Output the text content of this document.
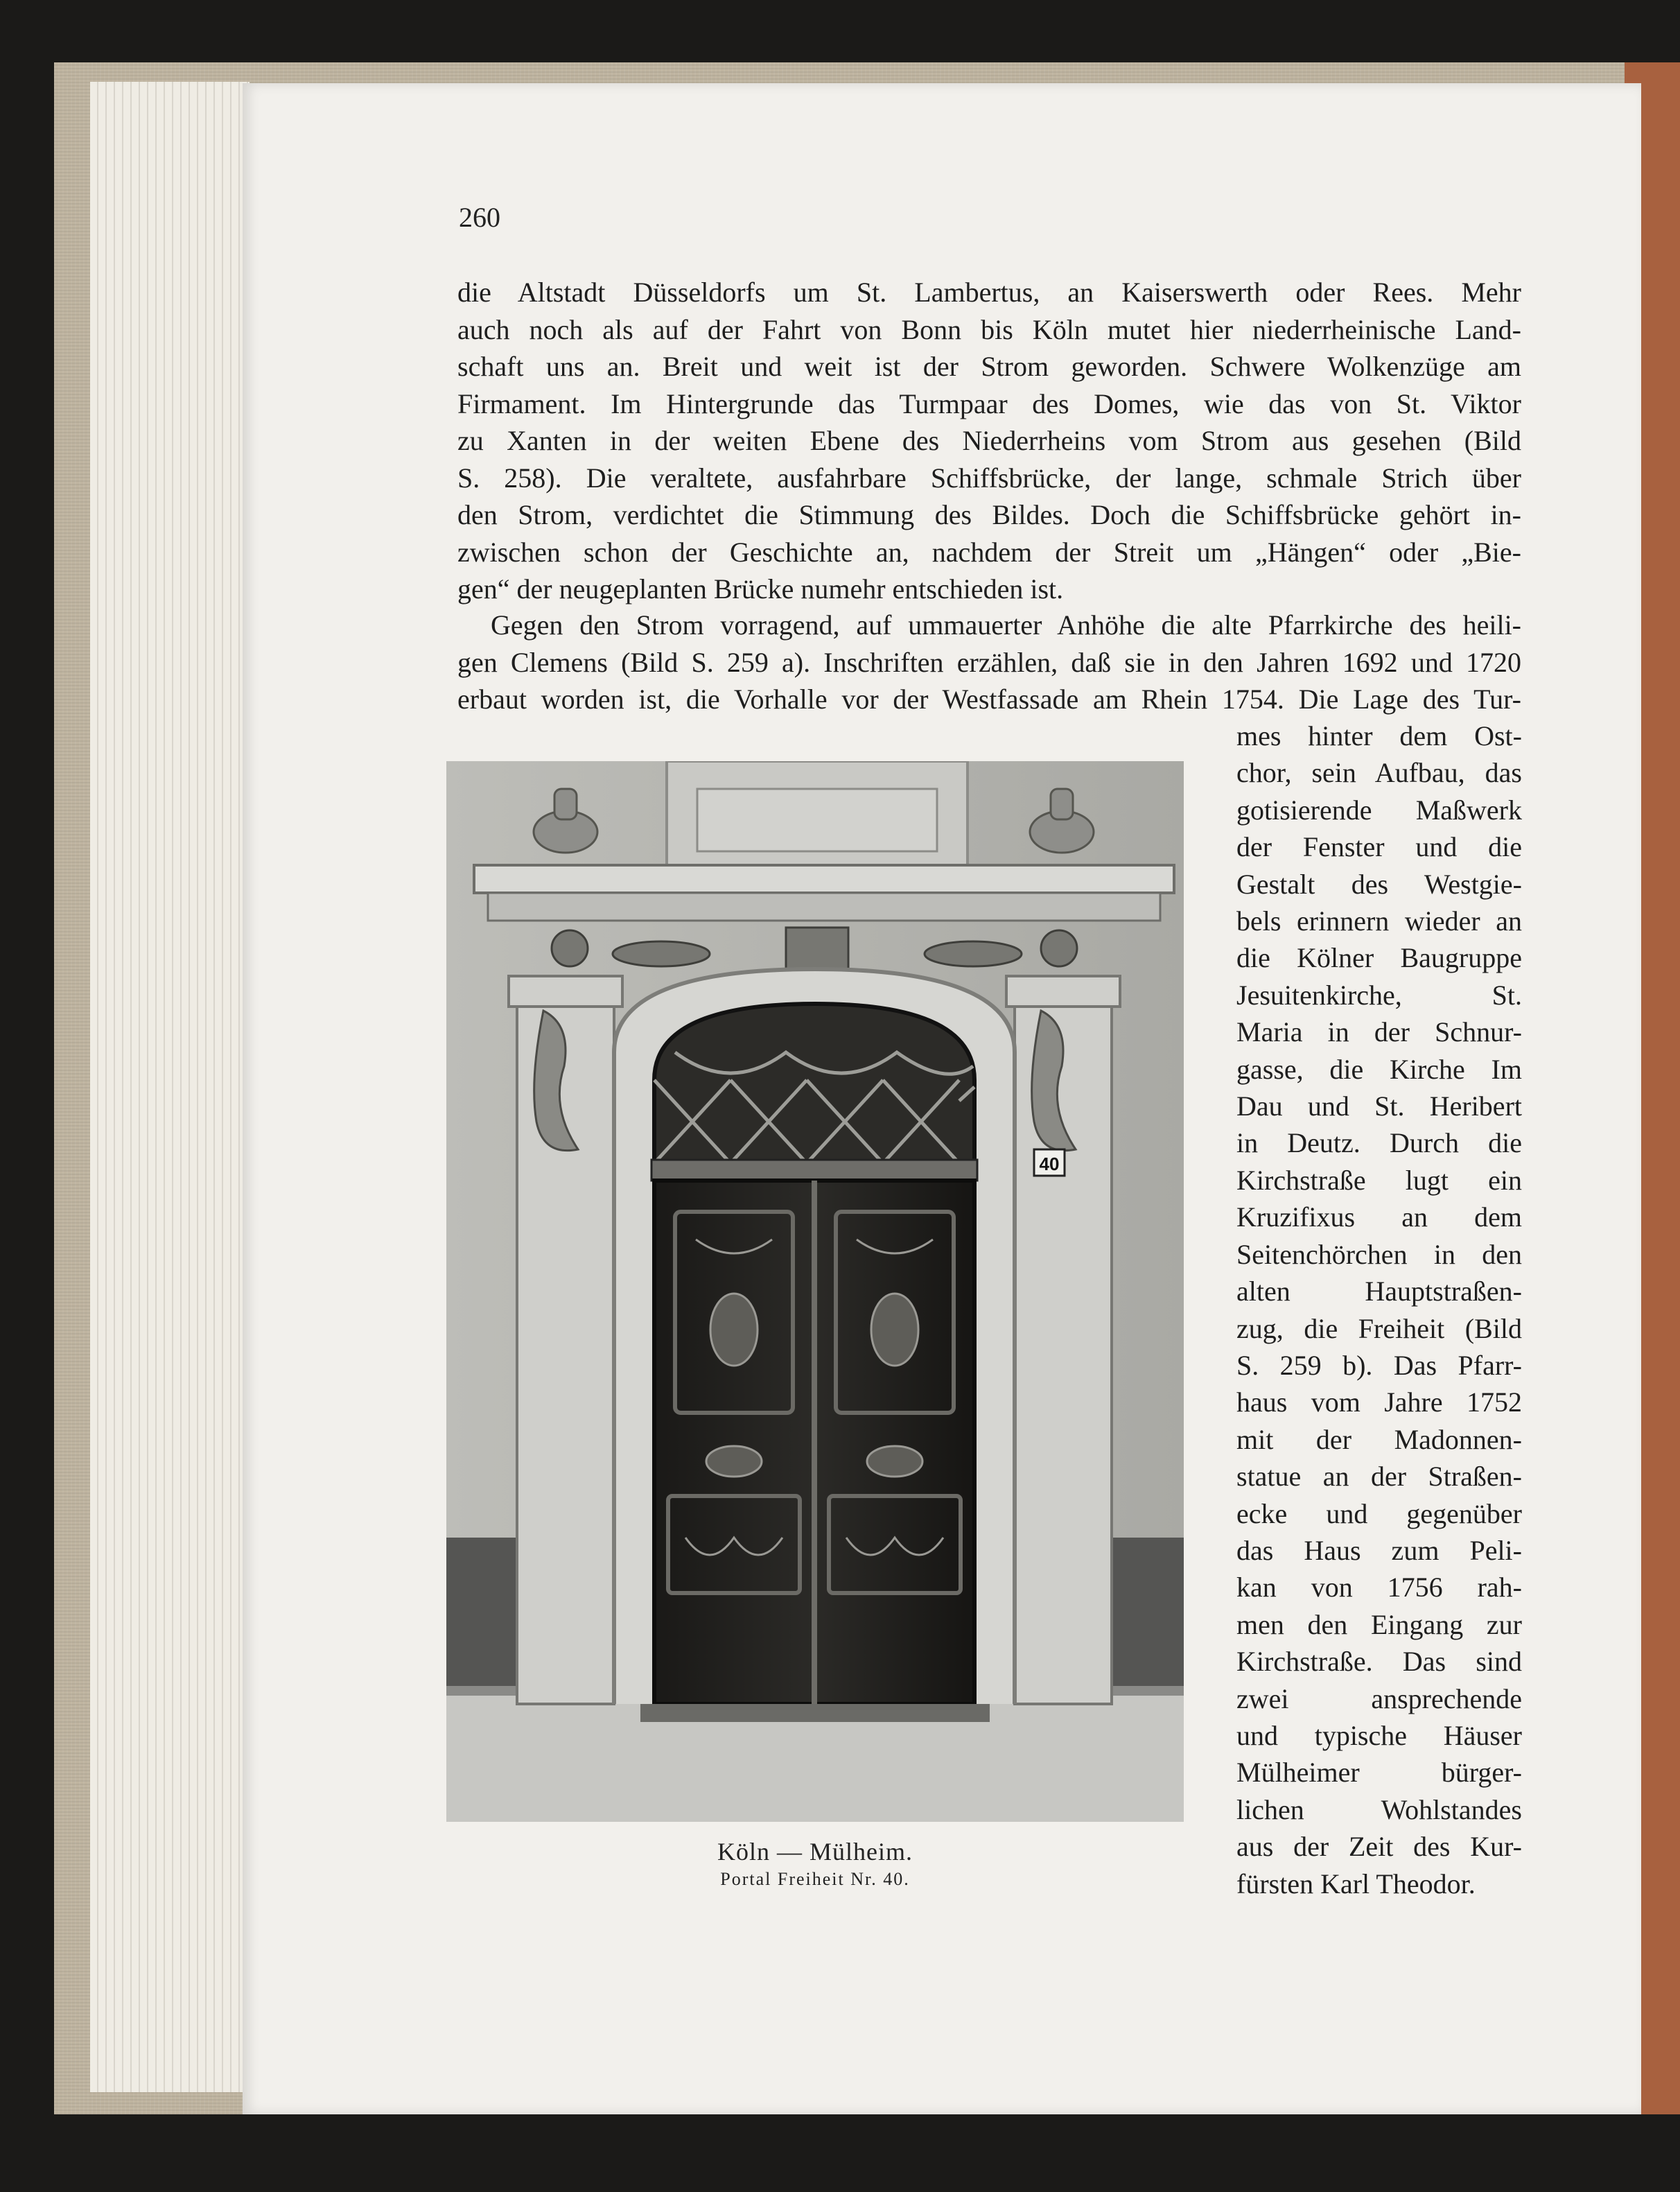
260
die Altstadt Düsseldorfs um St. Lambertus, an Kaiserswerth oder Rees. Mehr
auch noch als auf der Fahrt von Bonn bis Köln mutet hier niederrheinische Land-
schaft uns an. Breit und weit ist der Strom geworden. Schwere Wolkenzüge am
Firmament. Im Hintergrunde das Turmpaar des Domes, wie das von St. Viktor
zu Xanten in der weiten Ebene des Niederrheins vom Strom aus gesehen (Bild
S. 258). Die veraltete, ausfahrbare Schiffsbrücke, der lange, schmale Strich über
den Strom, verdichtet die Stimmung des Bildes. Doch die Schiffsbrücke gehört in-
zwischen schon der Geschichte an, nachdem der Streit um „Hängen“ oder „Bie-
gen“ der neugeplanten Brücke numehr entschieden ist.
Gegen den Strom vorragend, auf ummauerter Anhöhe die alte Pfarrkirche des heili-
gen Clemens (Bild S. 259 a). Inschriften erzählen, daß sie in den Jahren 1692 und 1720
erbaut worden ist, die Vorhalle vor der Westfassade am Rhein 1754. Die Lage des Tur-
mes hinter dem Ost-
chor, sein Aufbau, das
gotisierende Maßwerk
der Fenster und die
Gestalt des Westgie-
bels erinnern wieder an
die Kölner Baugruppe
Jesuitenkirche, St.
Maria in der Schnur-
gasse, die Kirche Im
Dau und St. Heribert
in Deutz. Durch die
Kirchstraße lugt ein
Kruzifixus an dem
Seitenchörchen in den
alten Hauptstraßen-
zug, die Freiheit (Bild
S. 259 b). Das Pfarr-
haus vom Jahre 1752
mit der Madonnen-
statue an der Straßen-
ecke und gegenüber
das Haus zum Peli-
kan von 1756 rah-
men den Eingang zur
Kirchstraße. Das sind
zwei ansprechende
und typische Häuser
Mülheimer bürger-
lichen Wohlstandes
aus der Zeit des Kur-
fürsten Karl Theodor.
40
Köln — Mülheim.
Portal Freiheit Nr. 40.
